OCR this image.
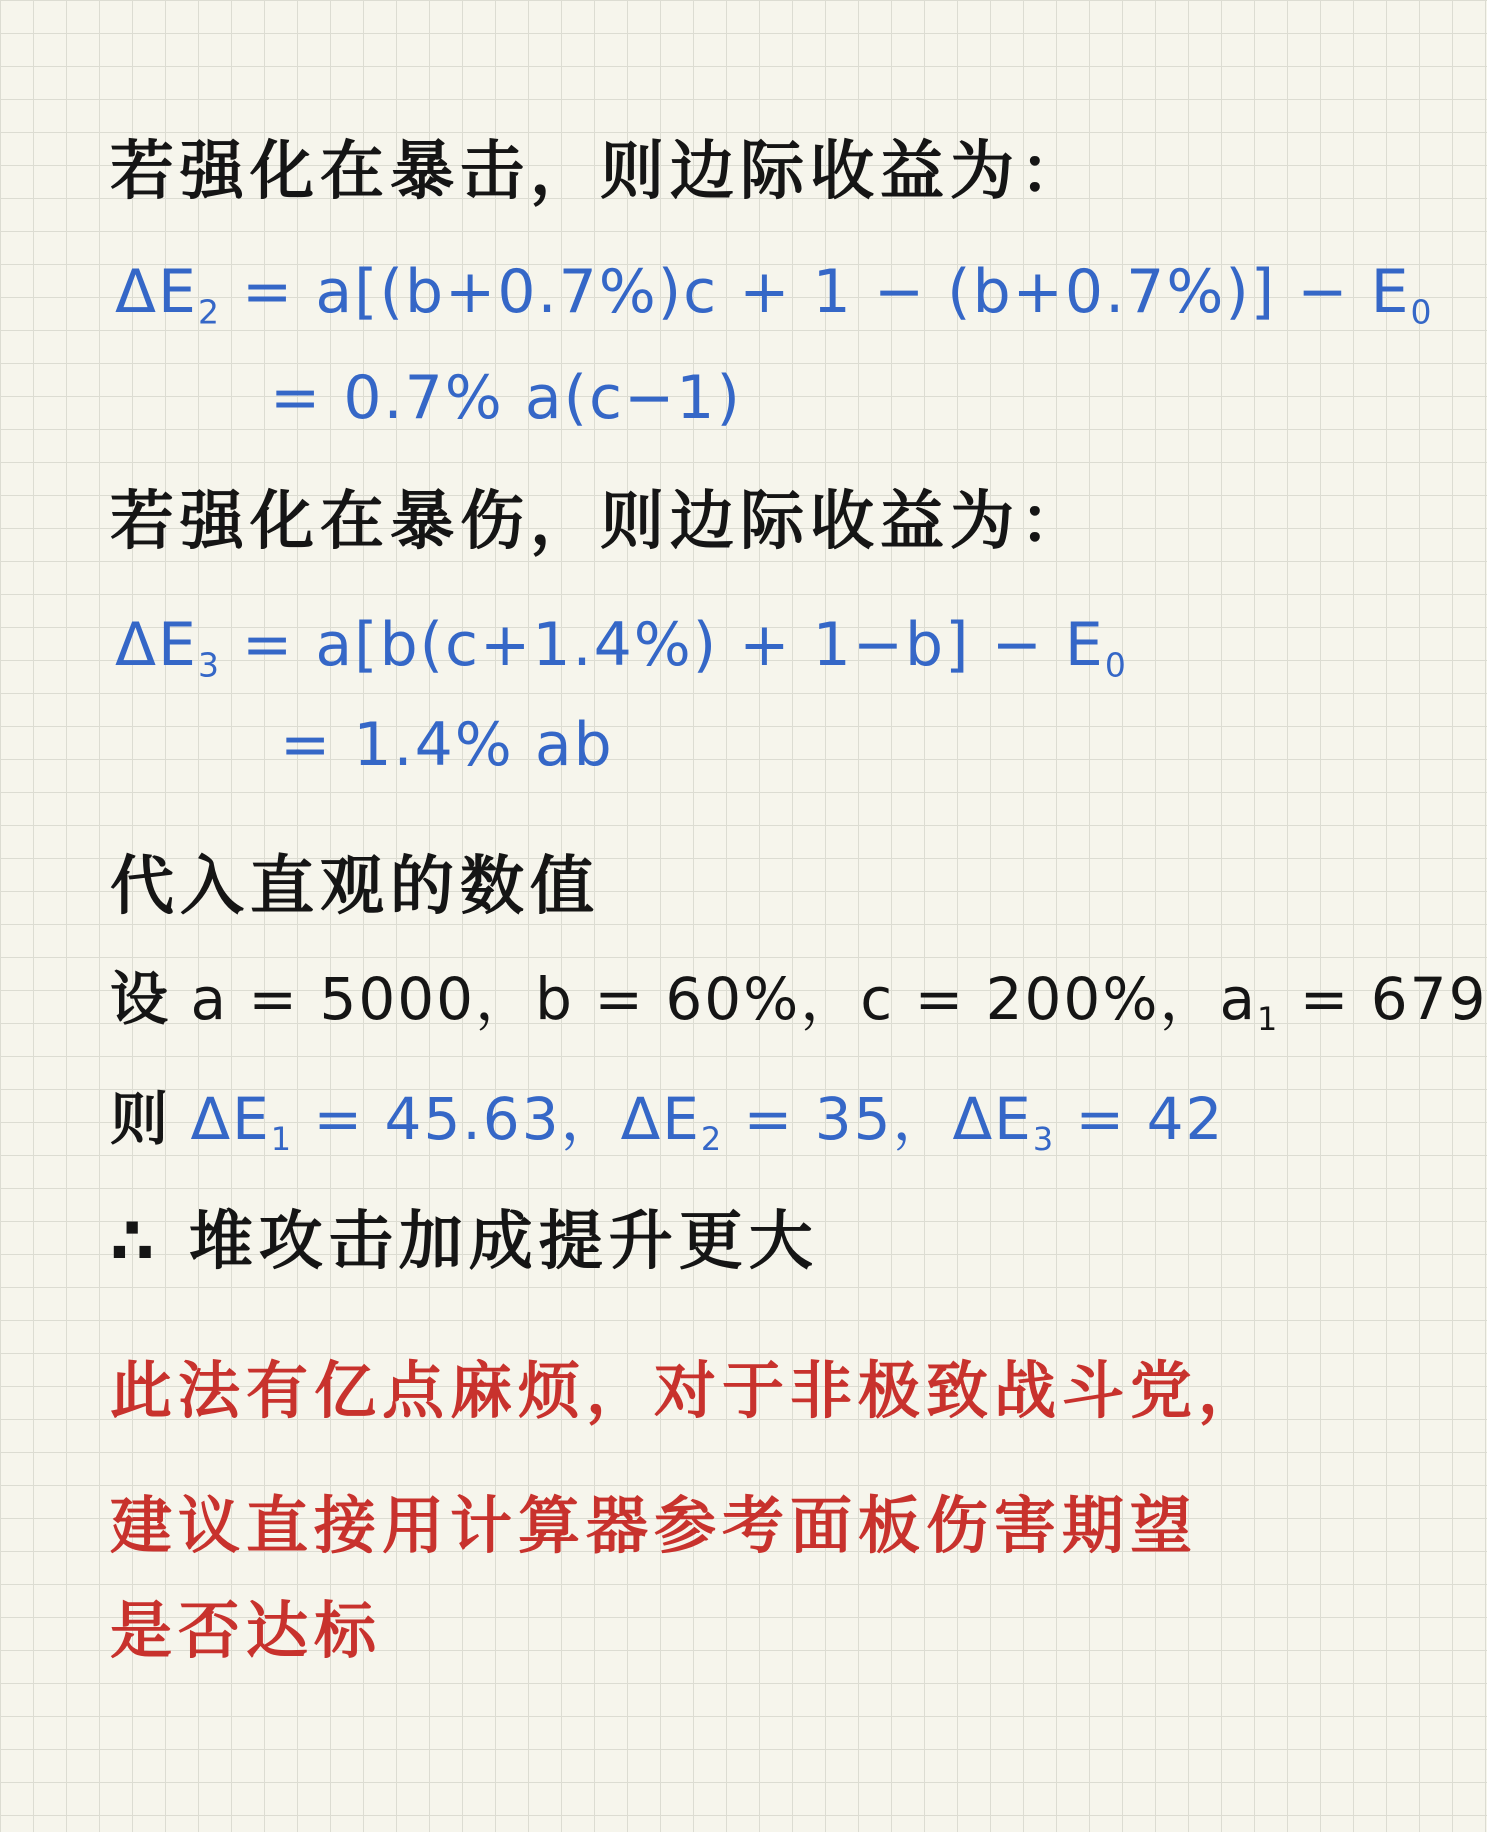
若强化在暴击，则边际收益为：
$\Delta E_2 = a[(b+0.7\%)c + 1 - (b+0.7\%)] - E_0$
= 0.7% a(c−1)
若强化在暴伤，则边际收益为：
$\Delta E_3 = a[b(c+1.4\%) + 1-b] - E_0$
= 1.4% ab
代入直观的数值
设 a = 5000，b = 60%，c = 200%，$a_1 = 679$
则 $\Delta E_1 = 45.63$，$\Delta E_2 = 35$，$\Delta E_3 = 42$
∴ 堆攻击加成提升更大
此法有亿点麻烦，对于非极致战斗党，
建议直接用计算器参考面板伤害期望
是否达标
